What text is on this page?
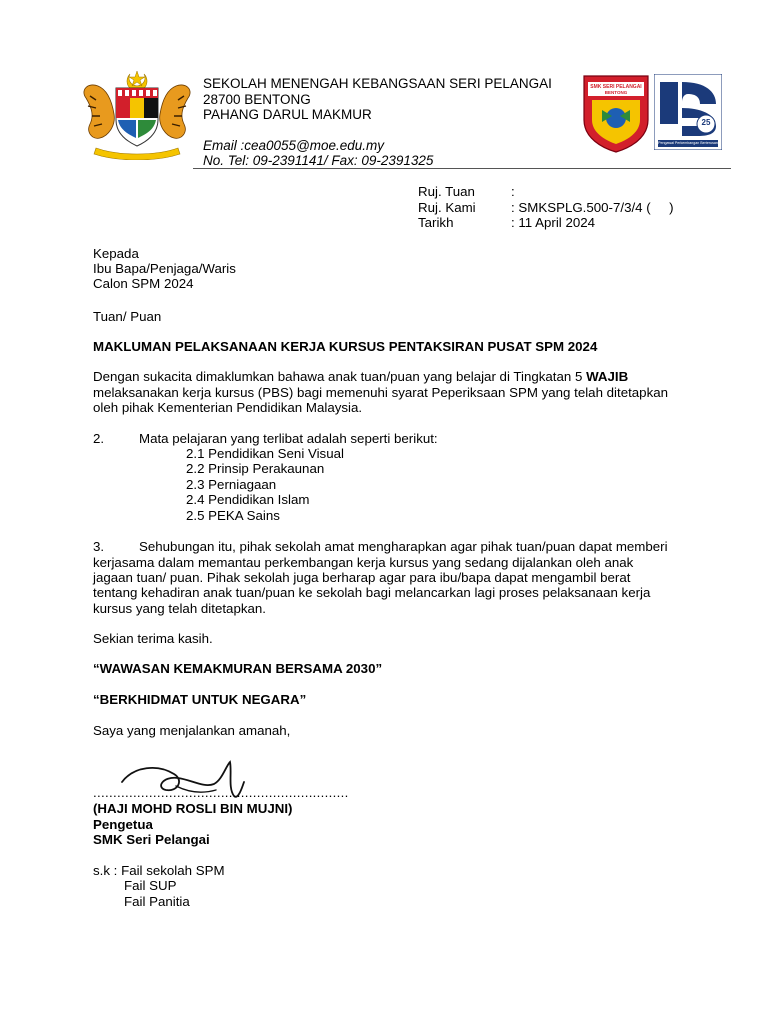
SEKOLAH MENENGAH KEBANGSAAN SERI PELANGAI
28700 BENTONG
PAHANG DARUL MAKMUR
Email :cea0055@moe.edu.my
No. Tel: 09-2391141/ Fax: 09-2391325
SMK SERI PELANGAI
BENTONG
25
Pengawai Perkembangan Berterusan
Ruj. Tuan	:
Ruj. Kami	: SMKSPLG.500-7/3/4 (     )
Tarikh	: 11 April 2024
Kepada
Ibu Bapa/Penjaga/Waris
Calon SPM 2024
Tuan/ Puan
MAKLUMAN PELAKSANAAN KERJA KURSUS PENTAKSIRAN PUSAT SPM 2024
Dengan sukacita dimaklumkan bahawa anak tuan/puan yang belajar di Tingkatan 5 WAJIB
melaksanakan kerja kursus (PBS) bagi memenuhi syarat Peperiksaan SPM yang telah ditetapkan
oleh pihak Kementerian Pendidikan Malaysia.
2.	Mata pelajaran yang terlibat adalah seperti berikut:
2.1 Pendidikan Seni Visual
2.2 Prinsip Perakaunan
2.3 Perniagaan
2.4 Pendidikan Islam
2.5 PEKA Sains
3.	Sehubungan itu, pihak sekolah amat mengharapkan agar pihak tuan/puan dapat memberi
kerjasama dalam memantau perkembangan kerja kursus yang sedang dijalankan oleh anak
jagaan tuan/ puan. Pihak sekolah juga berharap agar para ibu/bapa dapat mengambil berat
tentang kehadiran anak tuan/puan ke sekolah bagi melancarkan lagi proses pelaksanaan kerja
kursus yang telah ditetapkan.
Sekian terima kasih.
“WAWASAN KEMAKMURAN BERSAMA 2030”
“BERKHIDMAT UNTUK NEGARA”
Saya yang menjalankan amanah,
................................................................
(HAJI MOHD ROSLI BIN MUJNI)
Pengetua
SMK Seri Pelangai
s.k : Fail sekolah SPM
Fail SUP
Fail Panitia
